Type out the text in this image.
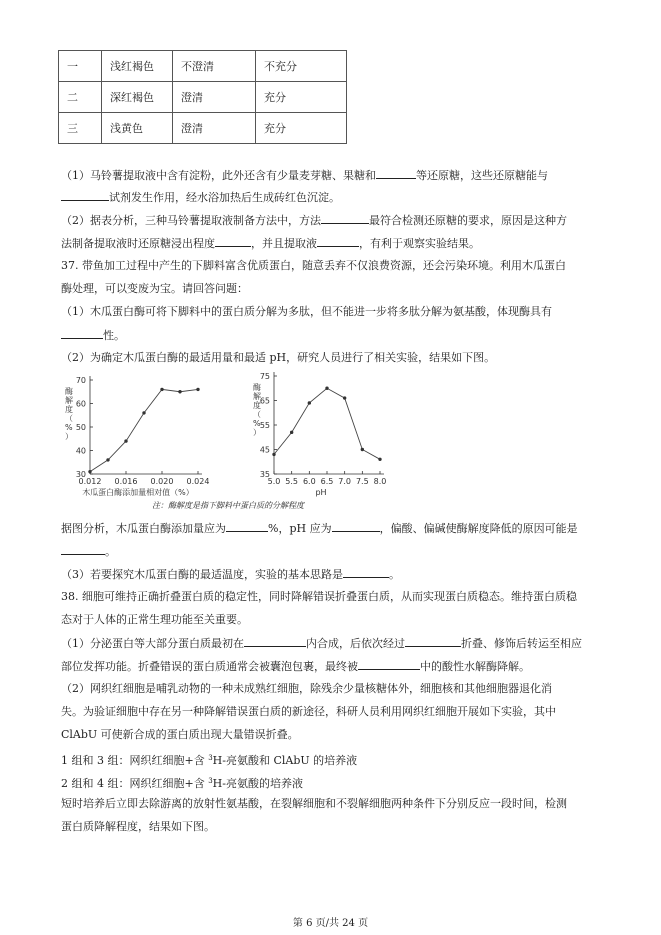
一	浅红褐色	不澄清	不充分
二	深红褐色	澄清	充分
三	浅黄色	澄清	充分
（1）马铃薯提取液中含有淀粉，此外还含有少量麦芽糖、果糖和	等还原糖，这些还原糖能与
试剂发生作用，经水浴加热后生成砖红色沉淀。
（2）据表分析，三种马铃薯提取液制备方法中，方法	最符合检测还原糖的要求，原因是这种方
法制备提取液时还原糖浸出程度	，并且提取液	，有利于观察实验结果。
37. 带鱼加工过程中产生的下脚料富含优质蛋白，随意丢弃不仅浪费资源，还会污染环境。利用木瓜蛋白
酶处理，可以变废为宝。请回答问题：
（1）木瓜蛋白酶可将下脚料中的蛋白质分解为多肽，但不能进一步将多肽分解为氨基酸，体现酶具有
性。
（2）为确定木瓜蛋白酶的最适用量和最适 pH，研究人员进行了相关实验，结果如下图。
30
40
50
60
70
0.012 0.016 0.020 0.024
酶解度（%）
木瓜蛋白酶添加量相对值（%）
35
45
55
65
75
5.0 5.5 6.0 6.5 7.0 7.5 8.0
酶解度（%）
pH
注：酶解度是指下脚料中蛋白质的分解程度
据图分析，木瓜蛋白酶添加量应为	%，pH 应为	，偏酸、偏碱使酶解度降低的原因可能是
。
（3）若要探究木瓜蛋白酶的最适温度，实验的基本思路是	。
38. 细胞可维持正确折叠蛋白质的稳定性，同时降解错误折叠蛋白质，从而实现蛋白质稳态。维持蛋白质稳
态对于人体的正常生理功能至关重要。
（1）分泌蛋白等大部分蛋白质最初在	内合成，后依次经过	折叠、修饰后转运至相应
部位发挥功能。折叠错误的蛋白质通常会被囊泡包裹，最终被	中的酸性水解酶降解。
（2）网织红细胞是哺乳动物的一种未成熟红细胞，除残余少量核糖体外，细胞核和其他细胞器退化消
失。为验证细胞中存在另一种降解错误蛋白质的新途径，科研人员利用网织红细胞开展如下实验，其中
ClAbU 可使新合成的蛋白质出现大量错误折叠。
1 组和 3 组：网织红细胞+含 $^3$H-亮氨酸和 ClAbU 的培养液
2 组和 4 组：网织红细胞+含 $^3$H-亮氨酸的培养液
短时培养后立即去除游离的放射性氨基酸，在裂解细胞和不裂解细胞两种条件下分别反应一段时间，检测
蛋白质降解程度，结果如下图。
第 6 页/共 24 页
